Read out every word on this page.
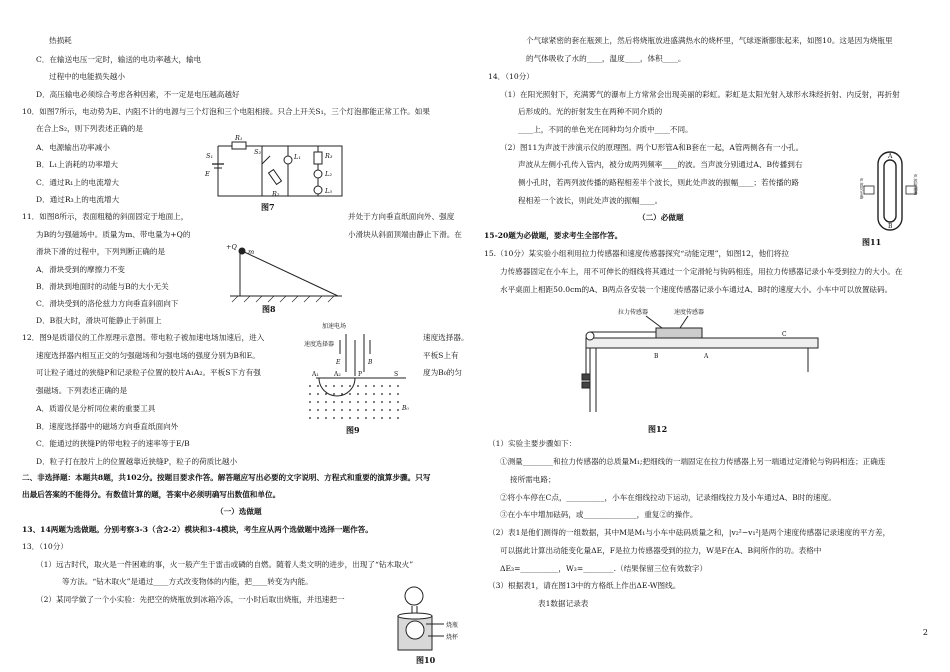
热损耗
C．在输送电压一定时，输送的电功率越大，输电
过程中的电能损失越小
D．高压输电必须综合考虑各种因素，不一定是电压越高越好
10．如图7所示，电动势为E、内阻不计的电源与三个灯泡和三个电阻相接。只合上开关S₁，三个灯泡都能正常工作。如果
在合上S₂，则下列表述正确的是
A．电源输出功率减小
B．L₁上消耗的功率增大
C．通过R₁上的电流增大
D．通过R₃上的电流增大
11．如图8所示，表面粗糙的斜面固定于地面上，	并处于方向垂直纸面向外、强度
为B的匀强磁场中。质量为m、带电量为+Q的	小滑块从斜面顶端由静止下滑。在
滑块下滑的过程中，下列判断正确的是
A．滑块受到的摩擦力不变
B．滑块到地面时的动能与B的大小无关
C．滑块受到的洛伦兹力方向垂直斜面向下
D．B很大时，滑块可能静止于斜面上
12．图9是质谱仪的工作原理示意图。带电粒子被加速电场加速后，进入	速度选择器。
速度选择器内相互正交的匀强磁场和匀强电场的强度分别为B和E。	平板S上有
可让粒子通过的狭缝P和记录粒子位置的胶片A₁A₂。平板S下方有强	度为B₀的匀
强磁场。下列表述正确的是
A．质谱仪是分析同位素的重要工具
B．速度选择器中的磁场方向垂直纸面向外
C．能通过的狭缝P的带电粒子的速率等于E/B
D．粒子打在胶片上的位置越靠近狭缝P，粒子的荷质比越小
二、非选择题：本题共8题，共102分。按题目要求作答。解答题应写出必要的文字说明、方程式和重要的演算步骤。只写
出最后答案的不能得分。有数值计算的题，答案中必须明确写出数值和单位。
（一）选做题
13、14两题为选做题。分别考察3-3（含2-2）模块和3-4模块，考生应从两个选做题中选择一题作答。
13．（10分）
（1）远古时代，取火是一件困难的事，火一般产生于雷击或磷的自燃。随着人类文明的进步，出现了“钻木取火”
等方法。“钻木取火”是通过____方式改变物体的内能，把____转变为内能。
（2）某同学做了一个小实验：先把空的烧瓶放到冰箱冷冻，一小时后取出烧瓶，并迅速把一
S₁
E
R₁
S₂
L₁
R₂
L₂
R₃
L₃
图7
+Q
m
图8
加速电场
速度选择器
E	B
A₁	A₂	P	S
B₀
图9
烧瓶
烧杯
图10
个气球紧密的套在瓶颈上，然后将烧瓶放进盛满热水的烧杯里，气球逐渐膨胀起来，如图10。这是因为烧瓶里
的气体吸收了水的____，温度____，体积____。
14．（10分）
（1）在阳光照射下，充满雾气的瀑布上方常常会出现美丽的彩虹。彩虹是太阳光射入球形水珠经折射、内反射，再折射
后形成的。光的折射发生在两种不同介质的
____上，不同的单色光在同种均匀介质中____不同。
（2）图11为声波干涉演示仪的原理图。两个U形管A和B套在一起，A管两侧各有一小孔。
声波从左侧小孔传入管内，被分成两列频率____的波。当声波分别通过A、B传播到右
侧小孔时，若两列波传播的路程相差半个波长，则此处声波的振幅____；若传播的路
程相差一个波长，则此处声波的振幅____。
（二）必做题
15-20题为必做题，要求考生全部作答。
15.（10分）某实验小组利用拉力传感器和速度传感器探究“动能定理”，如图12，他们将拉
力传感器固定在小车上，用不可伸长的细线将其通过一个定滑轮与钩码相连，用拉力传感器记录小车受到拉力的大小。在
水平桌面上相距50.0cm的A、B两点各安装一个速度传感器记录小车通过A、B时的速度大小。小车中可以放置砝码。
（1）实验主要步骤如下：
①测量________和拉力传感器的总质量M₁;把细线的一端固定在拉力传感器上另一端通过定滑轮与钩码相连；正确连
接所需电路；
②将小车停在C点，__________，小车在细线拉动下运动，记录细线拉力及小车通过A、B时的速度。
③在小车中增加砝码，或______________，重复②的操作。
（2）表1是他们测得的一组数据，其中M是M₁与小车中砝码质量之和，|v₂²−v₁²|是两个速度传感器记录速度的平方差，
可以据此计算出动能变化量ΔE，F是拉力传感器受到的拉力，W是F在A、B间所作的功。表格中
ΔE₃=__________，W₃=________.（结果保留三位有效数字）
（3）根据表1，请在图13中的方格纸上作出ΔE-W图线。
表1数据记录表
A
B
声波发生器	声波检测器
图11
拉力传感器	速度传感器
C
A
B
图12
2
